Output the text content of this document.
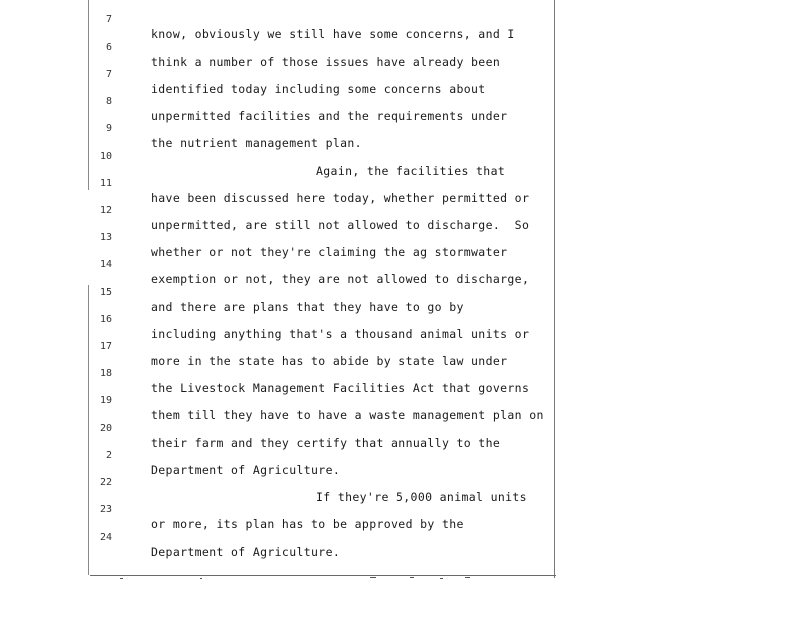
7

know, obviously we still have some concerns, and I

6

think a number of those issues have already been

7

identified today including some concerns about

8

unpermitted facilities and the requirements under

9

the nutrient management plan.

10

Again, the facilities that

11

have been discussed here today, whether permitted or

12

unpermitted, are still not allowed to discharge.  So

13

whether or not they're claiming the ag stormwater

14

exemption or not, they are not allowed to discharge,

15

and there are plans that they have to go by

16

including anything that's a thousand animal units or

17

more in the state has to abide by state law under

18

the Livestock Management Facilities Act that governs

19

them till they have to have a waste management plan on

20

their farm and they certify that annually to the

2

Department of Agriculture.

22

If they're 5,000 animal units

23

or more, its plan has to be approved by the

24

Department of Agriculture.
